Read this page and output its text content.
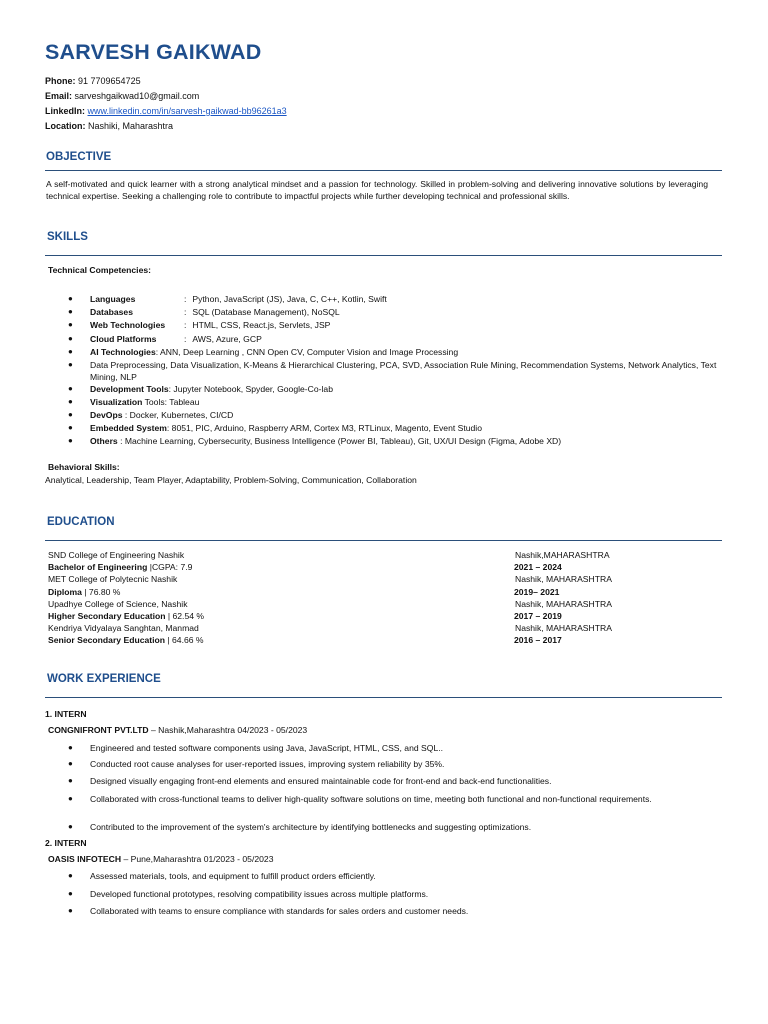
SARVESH GAIKWAD
Phone: 91 7709654725
Email: sarveshgaikwad10@gmail.com
LinkedIn: www.linkedin.com/in/sarvesh-gaikwad-bb96261a3
Location: Nashiki, Maharashtra
OBJECTIVE
A self-motivated and quick learner with a strong analytical mindset and a passion for technology. Skilled in problem-solving and delivering innovative solutions by leveraging technical expertise. Seeking a challenging role to contribute to impactful projects while further developing technical and professional skills.
SKILLS
Technical Competencies:
● Languages	: Python, JavaScript (JS), Java, C, C++, Kotlin, Swift
● Databases	: SQL (Database Management), NoSQL
● Web Technologies : HTML, CSS, React.js, Servlets, JSP
● Cloud Platforms	: AWS, Azure, GCP
● AI Technologies: ANN, Deep Learning , CNN Open CV, Computer Vision and Image Processing
● Data Preprocessing, Data Visualization, K-Means & Hierarchical Clustering, PCA, SVD, Association Rule Mining, Recommendation Systems, Network Analytics, Text Mining, NLP
● Development Tools: Jupyter Notebook, Spyder, Google-Co-lab
● Visualization Tools: Tableau
● DevOps : Docker, Kubernetes, CI/CD
● Embedded System: 8051, PIC, Arduino, Raspberry ARM, Cortex M3, RTLinux, Magento, Event Studio
● Others : Machine Learning, Cybersecurity, Business Intelligence (Power BI, Tableau), Git, UX/UI Design (Figma, Adobe XD)
Behavioral Skills:
Analytical, Leadership, Team Player, Adaptability, Problem-Solving, Communication, Collaboration
EDUCATION
SND College of Engineering Nashik	Nashik,MAHARASHTRA
Bachelor of Engineering |CGPA: 7.9	2021 – 2024
MET College of Polytecnic Nashik	Nashik, MAHARASHTRA
Diploma | 76.80 %	2019– 2021
Upadhye College of Science, Nashik	Nashik, MAHARASHTRA
Higher Secondary Education | 62.54 %	2017 – 2019
Kendriya Vidyalaya Sanghtan, Manmad	Nashik, MAHARASHTRA
Senior Secondary Education | 64.66 %	2016 – 2017
WORK EXPERIENCE
1. INTERN
CONGNIFRONT PVT.LTD – Nashik,Maharashtra 04/2023 - 05/2023
● Engineered and tested software components using Java, JavaScript, HTML, CSS, and SQL..
● Conducted root cause analyses for user-reported issues, improving system reliability by 35%.
● Designed visually engaging front-end elements and ensured maintainable code for front-end and back-end functionalities.
● Collaborated with cross-functional teams to deliver high-quality software solutions on time, meeting both functional and non-functional requirements.
● Contributed to the improvement of the system's architecture by identifying bottlenecks and suggesting optimizations.
2. INTERN
OASIS INFOTECH – Pune,Maharashtra 01/2023 - 05/2023
● Assessed materials, tools, and equipment to fulfill product orders efficiently.
● Developed functional prototypes, resolving compatibility issues across multiple platforms.
● Collaborated with teams to ensure compliance with standards for sales orders and customer needs.
